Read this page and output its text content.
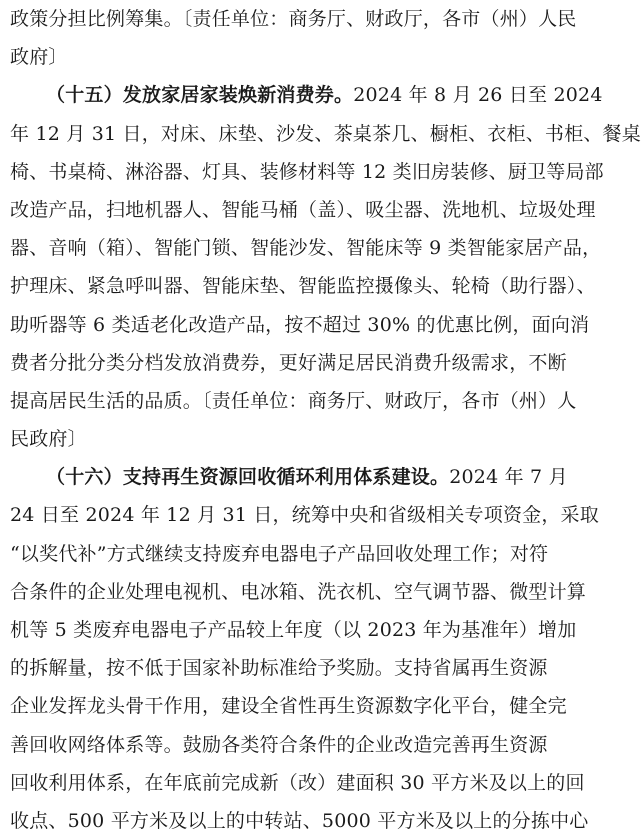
政策分担比例筹集。〔责任单位：商务厅、财政厅，各市（州）人民
政府〕
（十五）发放家居家装焕新消费券。2024 年 8 月 26 日至 2024
年 12 月 31 日，对床、床垫、沙发、茶桌茶几、橱柜、衣柜、书柜、餐桌
椅、书桌椅、淋浴器、灯具、装修材料等 12 类旧房装修、厨卫等局部
改造产品，扫地机器人、智能马桶（盖）、吸尘器、洗地机、垃圾处理
器、音响（箱）、智能门锁、智能沙发、智能床等 9 类智能家居产品，
护理床、紧急呼叫器、智能床垫、智能监控摄像头、轮椅（助行器）、
助听器等 6 类适老化改造产品，按不超过 30% 的优惠比例，面向消
费者分批分类分档发放消费券，更好满足居民消费升级需求，不断
提高居民生活的品质。〔责任单位：商务厅、财政厅，各市（州）人
民政府〕
（十六）支持再生资源回收循环利用体系建设。2024 年 7 月
24 日至 2024 年 12 月 31 日，统筹中央和省级相关专项资金，采取
“以奖代补”方式继续支持废弃电器电子产品回收处理工作；对符
合条件的企业处理电视机、电冰箱、洗衣机、空气调节器、微型计算
机等 5 类废弃电器电子产品较上年度（以 2023 年为基准年）增加
的拆解量，按不低于国家补助标准给予奖励。支持省属再生资源
企业发挥龙头骨干作用，建设全省性再生资源数字化平台，健全完
善回收网络体系等。鼓励各类符合条件的企业改造完善再生资源
回收利用体系，在年底前完成新（改）建面积 30 平方米及以上的回
收点、500 平方米及以上的中转站、5000 平方米及以上的分拣中心
